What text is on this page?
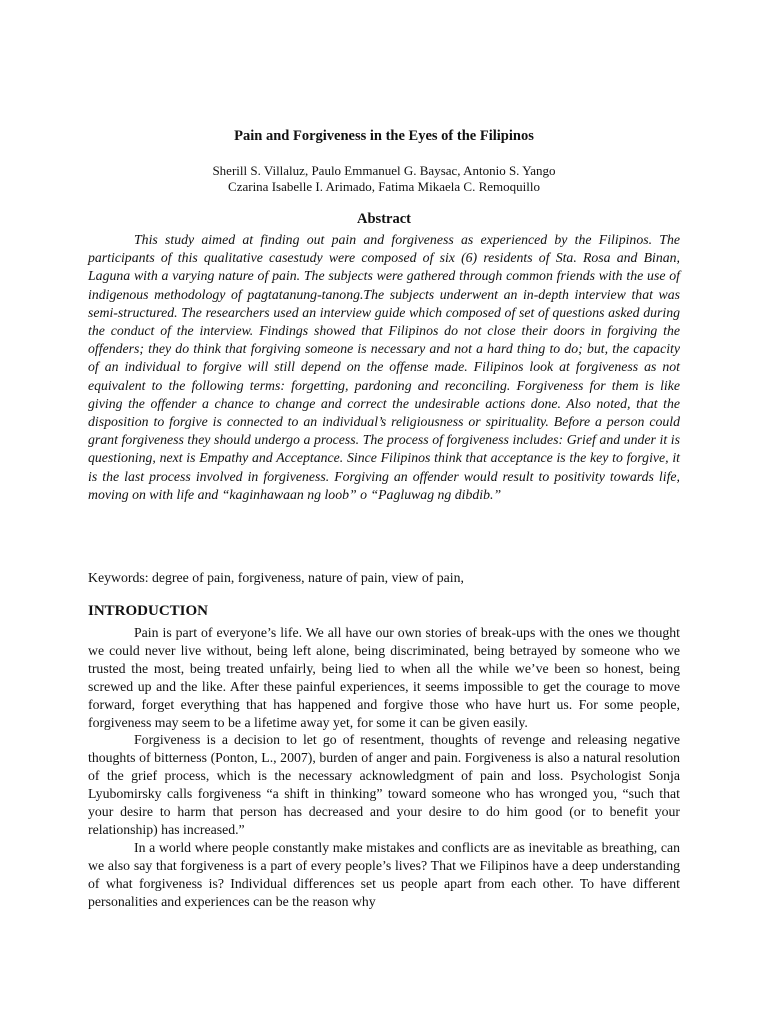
Pain and Forgiveness in the Eyes of the Filipinos
Sherill S. Villaluz, Paulo Emmanuel G. Baysac, Antonio S. Yango
Czarina Isabelle I. Arimado, Fatima Mikaela C. Remoquillo
Abstract

This study aimed at finding out pain and forgiveness as experienced by the Filipinos. The participants of this qualitative casestudy were composed of six (6) residents of Sta. Rosa and Binan, Laguna with a varying nature of pain. The subjects were gathered through common friends with the use of indigenous methodology of pagtatanung-tanong.The subjects underwent an in-depth interview that was semi-structured. The researchers used an interview guide which composed of set of questions asked during the conduct of the interview. Findings showed that Filipinos do not close their doors in forgiving the offenders; they do think that forgiving someone is necessary and not a hard thing to do; but, the capacity of an individual to forgive will still depend on the offense made. Filipinos look at forgiveness as not equivalent to the following terms: forgetting, pardoning and reconciling. Forgiveness for them is like giving the offender a chance to change and correct the undesirable actions done. Also noted, that the disposition to forgive is connected to an individual’s religiousness or spirituality. Before a person could grant forgiveness they should undergo a process. The process of forgiveness includes: Grief and under it is questioning, next is Empathy and Acceptance. Since Filipinos think that acceptance is the key to forgive, it is the last process involved in forgiveness. Forgiving an offender would result to positivity towards life, moving on with life and “kaginhawaan ng loob” o “Pagluwag ng dibdib.”

Keywords: degree of pain, forgiveness, nature of pain, view of pain,

INTRODUCTION

Pain is part of everyone’s life. We all have our own stories of break-ups with the ones we thought we could never live without, being left alone, being discriminated, being betrayed by someone who we trusted the most, being treated unfairly, being lied to when all the while we’ve been so honest, being screwed up and the like. After these painful experiences, it seems impossible to get the courage to move forward, forget everything that has happened and forgive those who have hurt us. For some people, forgiveness may seem to be a lifetime away yet, for some it can be given easily.

Forgiveness is a decision to let go of resentment, thoughts of revenge and releasing negative thoughts of bitterness (Ponton, L., 2007), burden of anger and pain. Forgiveness is also a natural resolution of the grief process, which is the necessary acknowledgment of pain and loss. Psychologist Sonja Lyubomirsky calls forgiveness “a shift in thinking” toward someone who has wronged you, “such that your desire to harm that person has decreased and your desire to do him good (or to benefit your relationship) has increased.”

In a world where people constantly make mistakes and conflicts are as inevitable as breathing, can we also say that forgiveness is a part of every people’s lives? That we Filipinos have a deep understanding of what forgiveness is? Individual differences set us people apart from each other. To have different personalities and experiences can be the reason why
